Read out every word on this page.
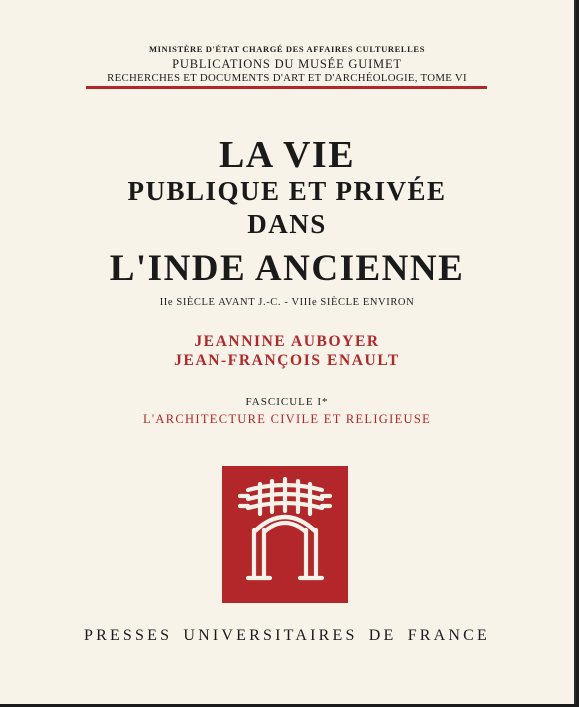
MINISTÈRE D'ÉTAT CHARGÉ DES AFFAIRES CULTURELLES
PUBLICATIONS DU MUSÉE GUIMET
RECHERCHES ET DOCUMENTS D'ART ET D'ARCHÉOLOGIE, TOME VI
LA VIE
PUBLIQUE ET PRIVÉE
DANS
L'INDE ANCIENNE
IIe SIÈCLE AVANT J.-C. - VIIIe SIÈCLE ENVIRON
JEANNINE AUBOYER
JEAN-FRANÇOIS ENAULT
FASCICULE I*
L'ARCHITECTURE CIVILE ET RELIGIEUSE
PRESSES UNIVERSITAIRES DE FRANCE
